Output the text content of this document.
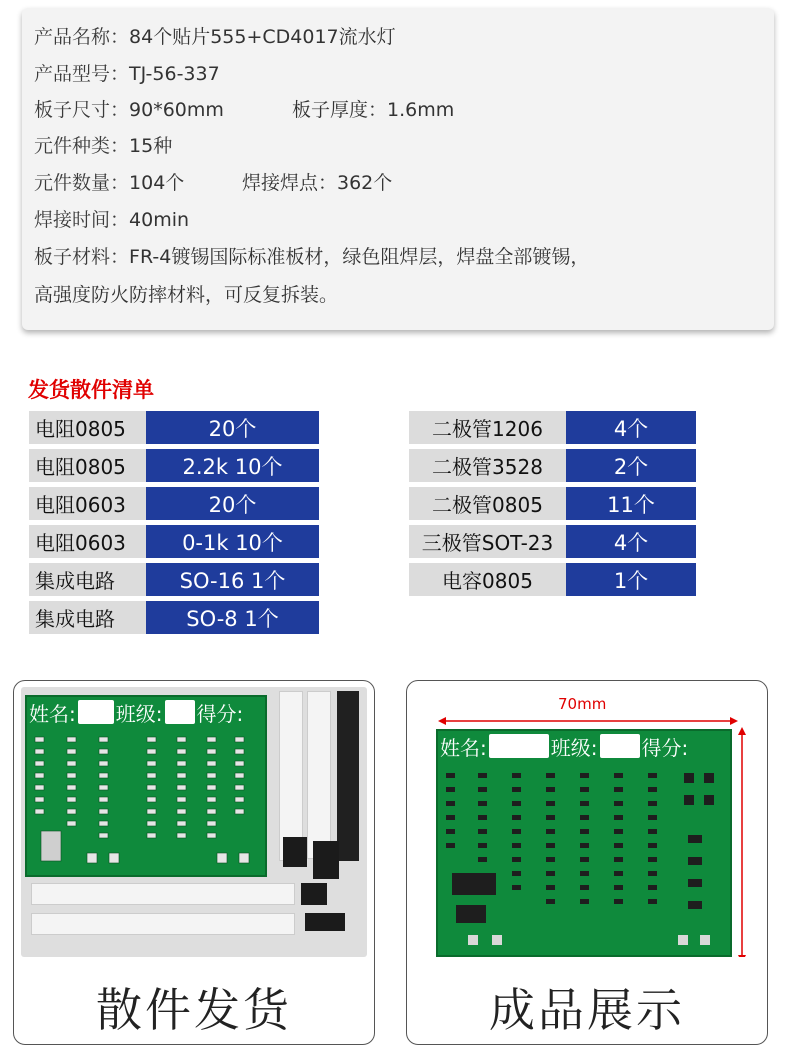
产品名称：84个贴片555+CD4017流水灯
产品型号：TJ-56-337
板子尺寸：90*60mm	板子厚度：1.6mm
元件种类：15种
元件数量：104个	焊接焊点：362个
焊接时间：40min
板子材料：FR-4镀锡国际标准板材，绿色阻焊层，焊盘全部镀锡，
高强度防火防摔材料，可反复拆装。
发货散件清单
电阻0805	20个
电阻0805	2.2k 10个
电阻0603	20个
电阻0603	0-1k 10个
集成电路	SO-16 1个
集成电路	SO-8 1个
二极管1206	4个
二极管3528	2个
二极管0805	11个
三极管SOT-23	4个
电容0805	1个
姓名: 班级: 得分:
散件发货
70mm
姓名:	班级: 得分:
成品展示
